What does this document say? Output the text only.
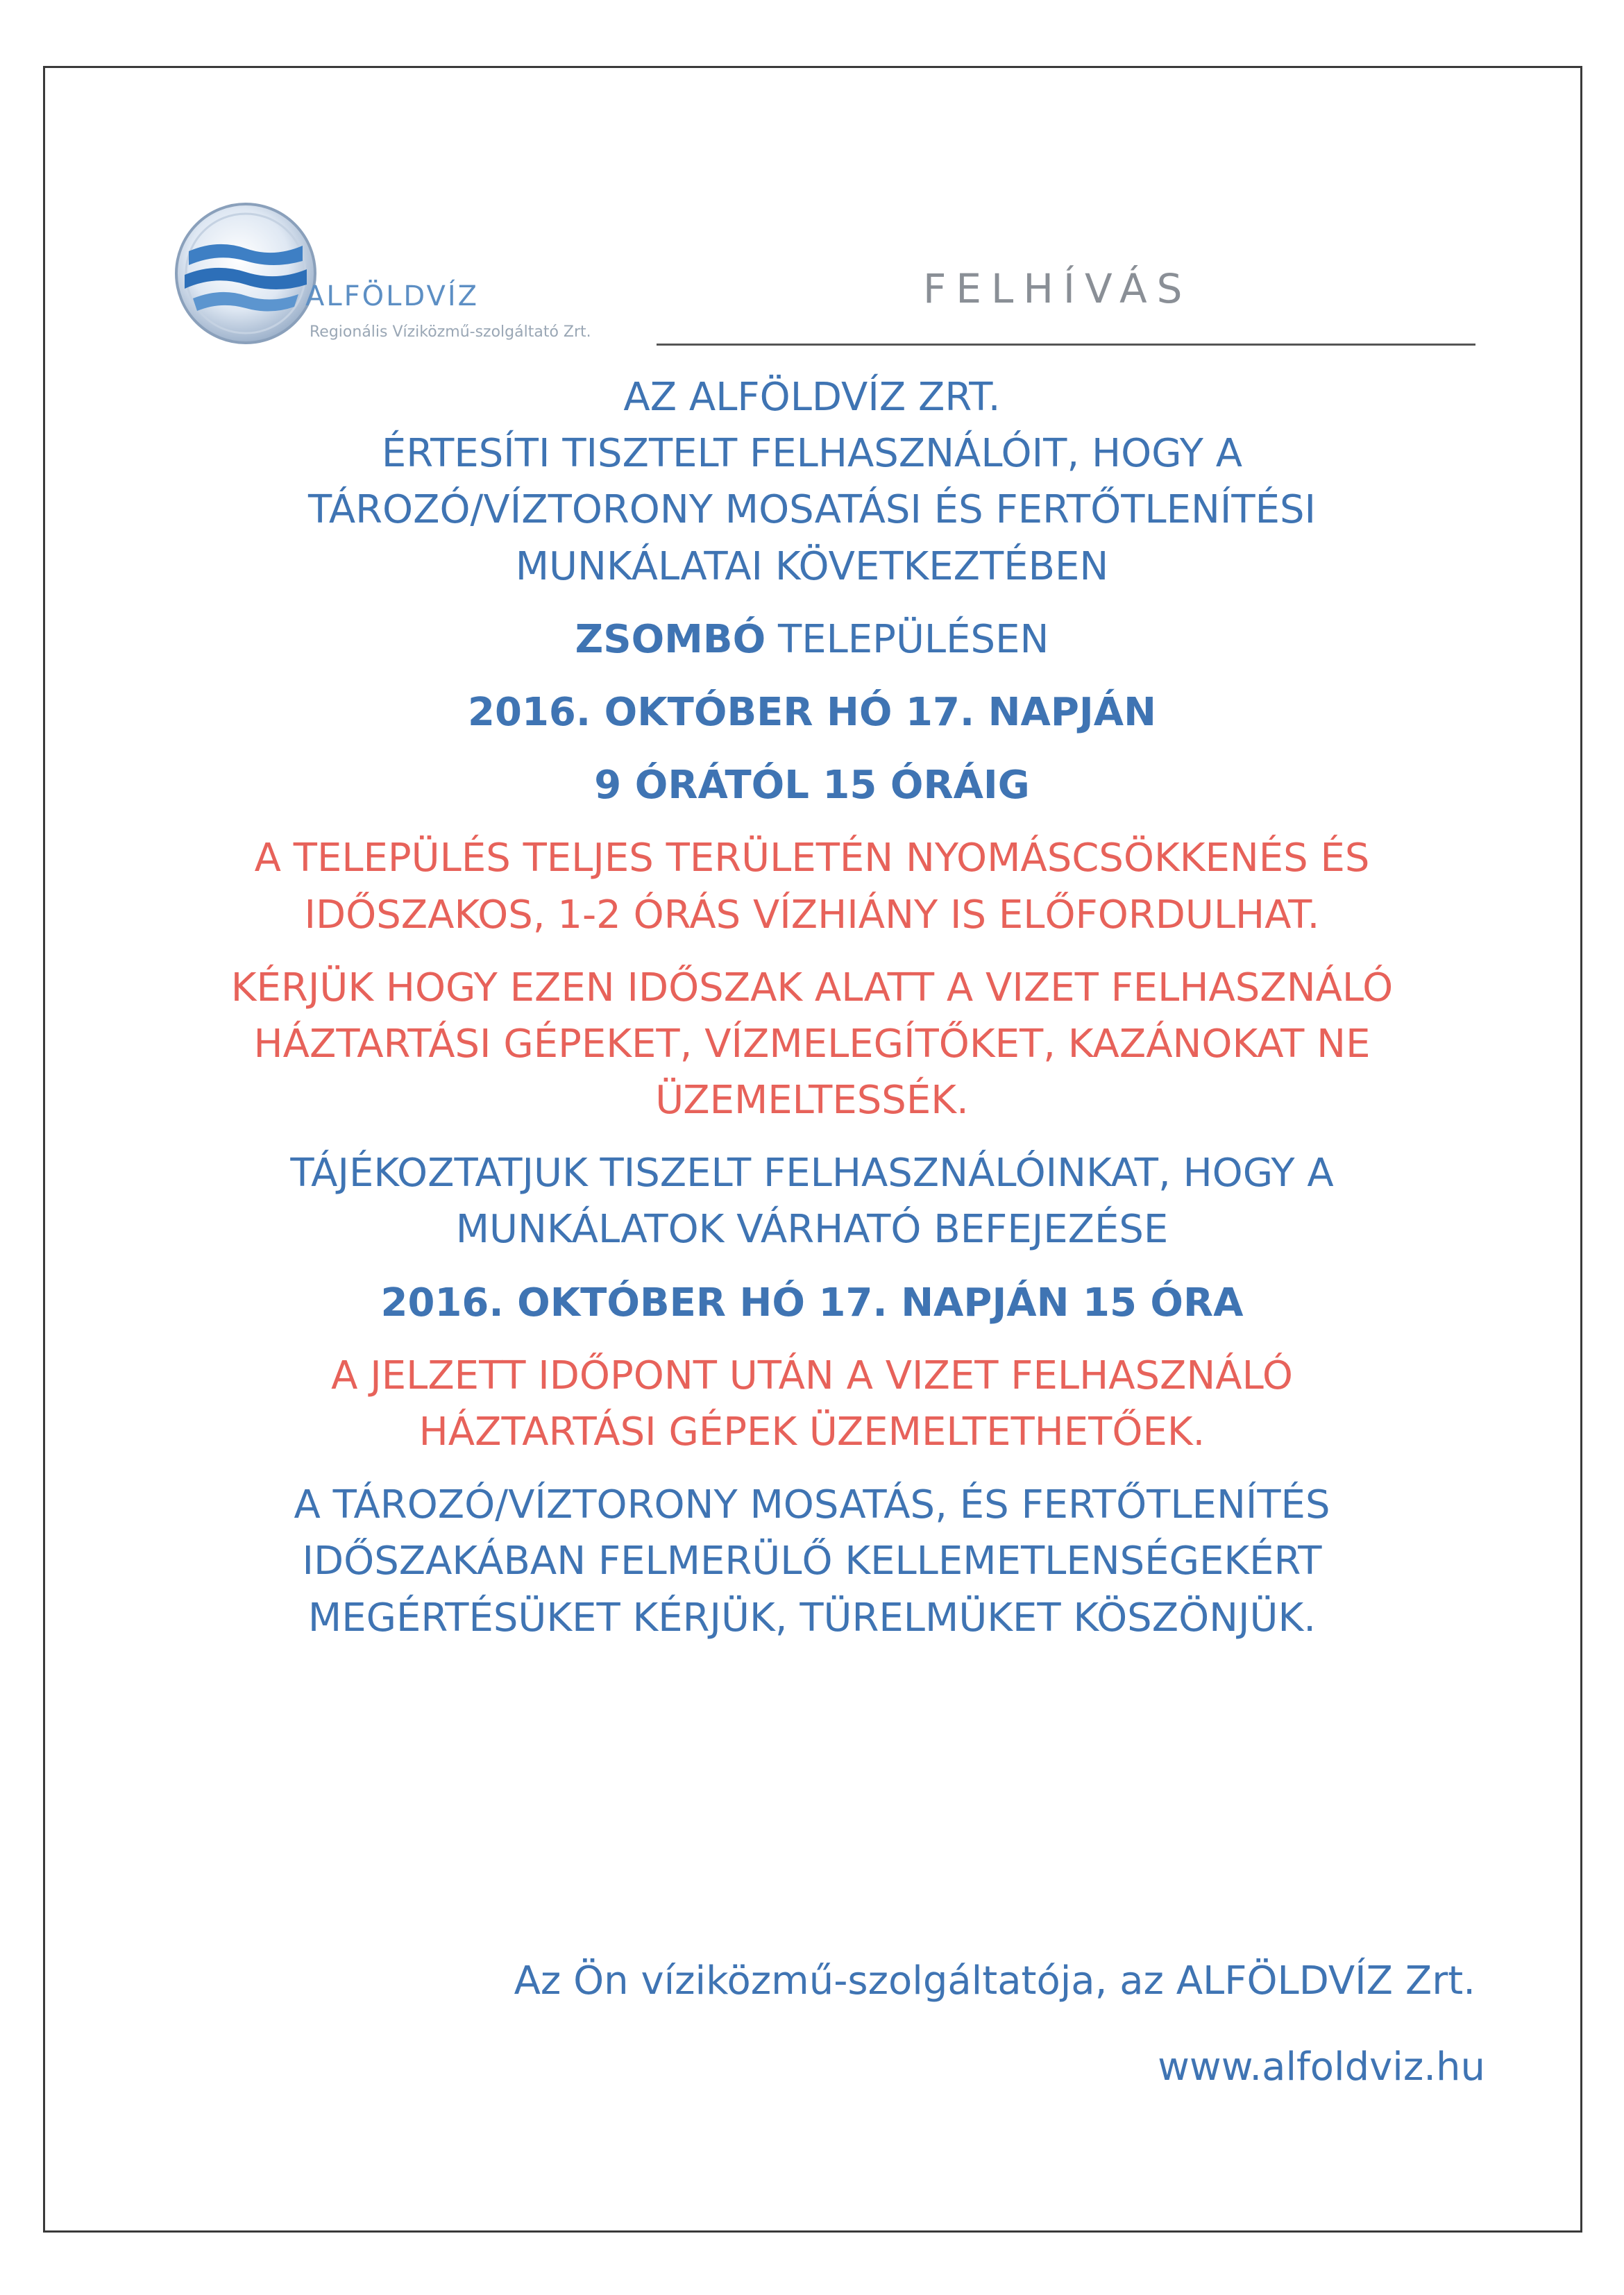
ALFÖLDVÍZ
Regionális Víziközmű-szolgáltató Zrt.
FELHÍVÁS
AZ ALFÖLDVÍZ ZRT.
ÉRTESÍTI TISZTELT FELHASZNÁLÓIT, HOGY A
TÁROZÓ/VÍZTORONY MOSATÁSI ÉS FERTŐTLENÍTÉSI
MUNKÁLATAI KÖVETKEZTÉBEN
ZSOMBÓ TELEPÜLÉSEN
2016. OKTÓBER HÓ 17. NAPJÁN
9 ÓRÁTÓL 15 ÓRÁIG
A TELEPÜLÉS TELJES TERÜLETÉN NYOMÁSCSÖKKENÉS ÉS
IDŐSZAKOS, 1-2 ÓRÁS VÍZHIÁNY IS ELŐFORDULHAT.
KÉRJÜK HOGY EZEN IDŐSZAK ALATT A VIZET FELHASZNÁLÓ
HÁZTARTÁSI GÉPEKET, VÍZMELEGÍTŐKET, KAZÁNOKAT NE
ÜZEMELTESSÉK.
TÁJÉKOZTATJUK TISZELT FELHASZNÁLÓINKAT, HOGY A
MUNKÁLATOK VÁRHATÓ BEFEJEZÉSE
2016. OKTÓBER HÓ 17. NAPJÁN 15 ÓRA
A JELZETT IDŐPONT UTÁN A VIZET FELHASZNÁLÓ
HÁZTARTÁSI GÉPEK ÜZEMELTETHETŐEK.
A TÁROZÓ/VÍZTORONY MOSATÁS, ÉS FERTŐTLENÍTÉS
IDŐSZAKÁBAN FELMERÜLŐ KELLEMETLENSÉGEKÉRT
MEGÉRTÉSÜKET KÉRJÜK, TÜRELMÜKET KÖSZÖNJÜK.
Az Ön víziközmű-szolgáltatója, az ALFÖLDVÍZ Zrt.
www.alfoldviz.hu
